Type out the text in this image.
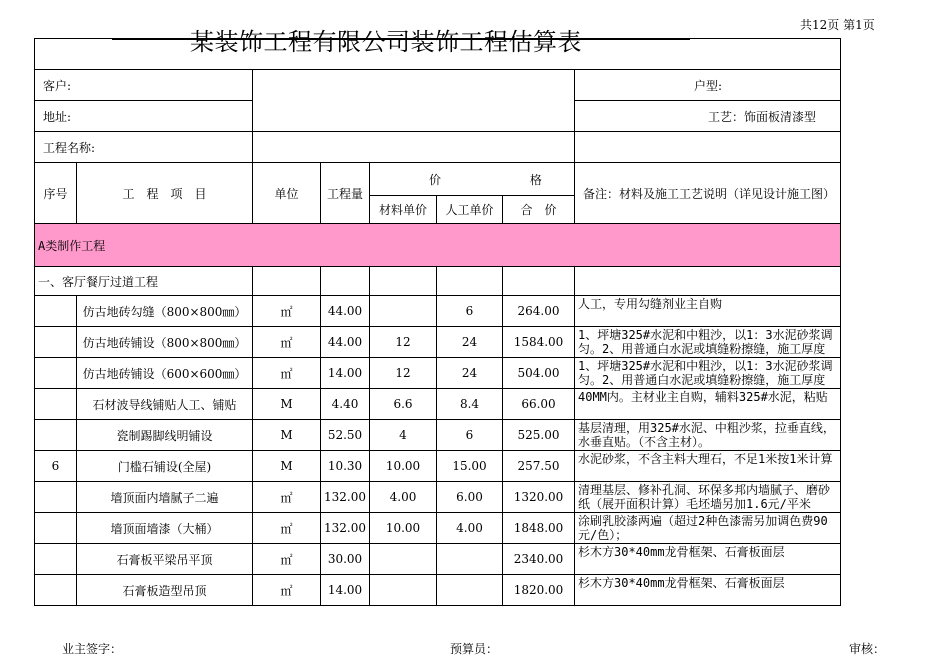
共12页 第1页
某装饰工程有限公司装饰工程估算表

客户:							户型:
地址:							工艺：饰面板清漆型
工程名称:							
序号	工　程　项　目	单位	工程量	价 格			备注：材料及施工工艺说明（详见设计施工图）
				材料单价	人工单价	合　价	
A类制作工程							
一、客厅餐厅过道工程							
	仿古地砖勾缝（800×800㎜）	㎡	44.00		6	264.00	人工，专用勾缝剂业主自购

	仿古地砖铺设（800×800㎜）	㎡	44.00	12	24	1584.00	1、坪塘325#水泥和中粗沙，以1：3水泥砂浆调匀。2、用普通白水泥或填缝粉擦缝，施工厚度

	仿古地砖铺设（600×600㎜）	㎡	14.00	12	24	504.00	1、坪塘325#水泥和中粗沙，以1：3水泥砂浆调匀。2、用普通白水泥或填缝粉擦缝，施工厚度

	石材波导线铺贴人工、铺贴	M	4.40	6.6	8.4	66.00	40MM内。主材业主自购，辅料325#水泥，粘贴

	瓷制踢脚线明铺设	M	52.50	4	6	525.00	基层清理，用325#水泥、中粗沙浆，拉垂直线，水垂直贴。（不含主材）。

6	门槛石铺设(全屋)	M	10.30	10.00	15.00	257.50	水泥砂浆，不含主料大理石，不足1米按1米计算

	墙顶面内墙腻子二遍	㎡	132.00	4.00	6.00	1320.00	清理基层、修补孔洞、环保多邦内墙腻子、磨砂纸（展开面积计算）毛坯墙另加1.6元/平米

	墙顶面墙漆（大桶）	㎡	132.00	10.00	4.00	1848.00	涂刷乳胶漆两遍（超过2种色漆需另加调色费90元/色）；

	石膏板平梁吊平顶	㎡	30.00			2340.00	杉木方30*40mm龙骨框架、石膏板面层

	石膏板造型吊顶	㎡	14.00			1820.00	杉木方30*40mm龙骨框架、石膏板面层
业主签字：	预算员：	审核：
